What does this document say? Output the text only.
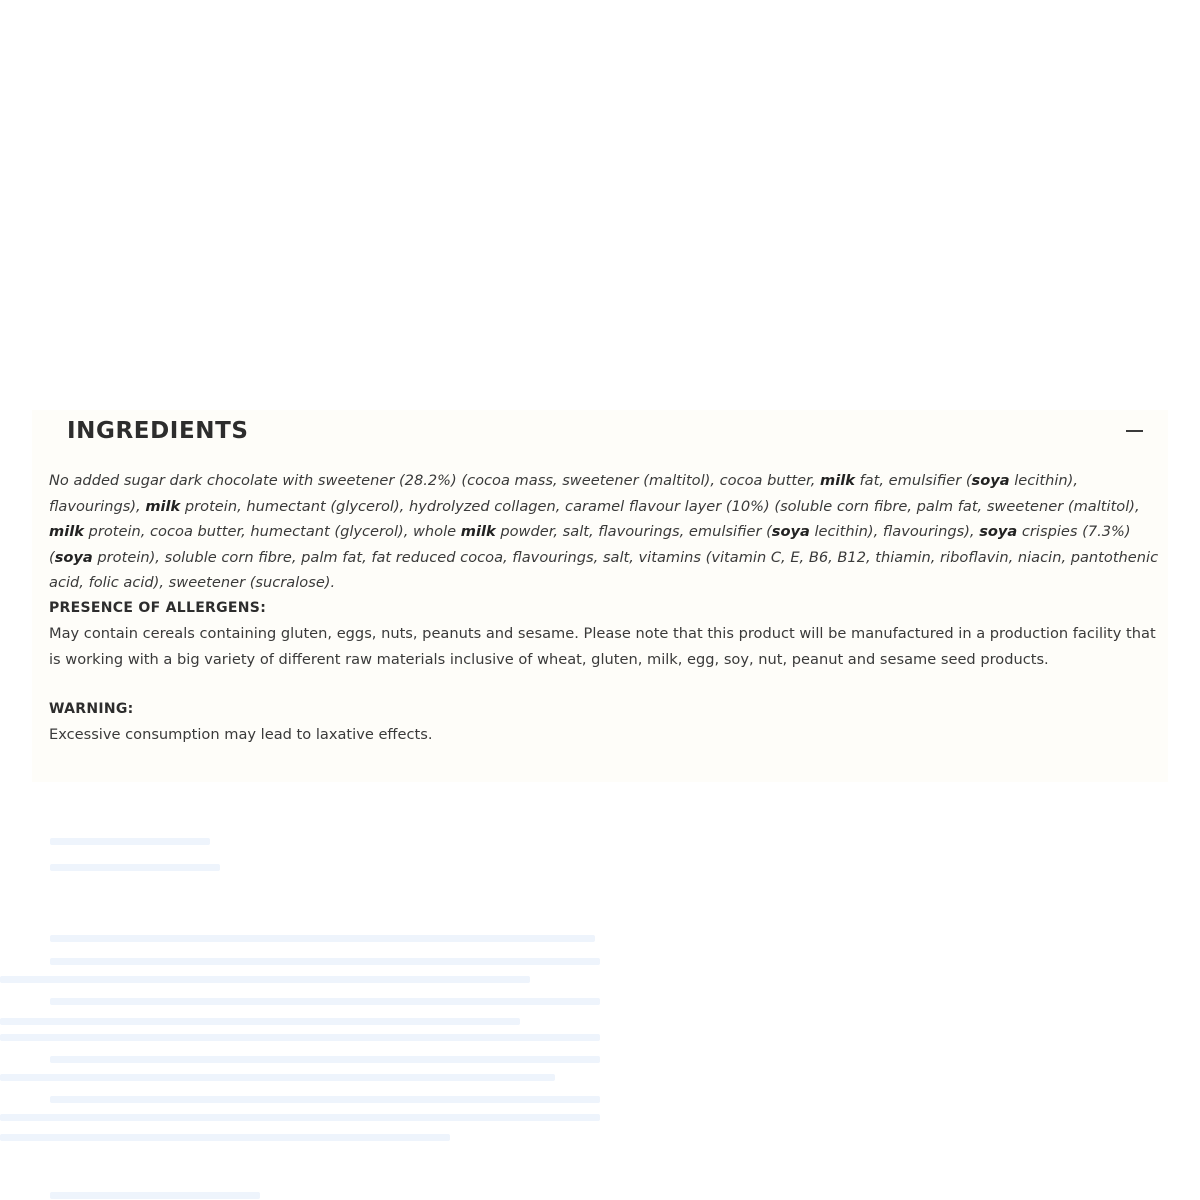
INGREDIENTS

No added sugar dark chocolate with sweetener (28.2%) (cocoa mass, sweetener (maltitol), cocoa butter, milk fat, emulsifier (soya lecithin), flavourings), milk protein, humectant (glycerol), hydrolyzed collagen, caramel flavour layer (10%) (soluble corn fibre, palm fat, sweetener (maltitol), milk protein, cocoa butter, humectant (glycerol), whole milk powder, salt, flavourings, emulsifier (soya lecithin), flavourings), soya crispies (7.3%) (soya protein), soluble corn fibre, palm fat, fat reduced cocoa, flavourings, salt, vitamins (vitamin C, E, B6, B12, thiamin, riboflavin, niacin, pantothenic acid, folic acid), sweetener (sucralose).

PRESENCE OF ALLERGENS:

May contain cereals containing gluten, eggs, nuts, peanuts and sesame. Please note that this product will be manufactured in a production facility that is working with a big variety of different raw materials inclusive of wheat, gluten, milk, egg, soy, nut, peanut and sesame seed products.

WARNING:

Excessive consumption may lead to laxative effects.
